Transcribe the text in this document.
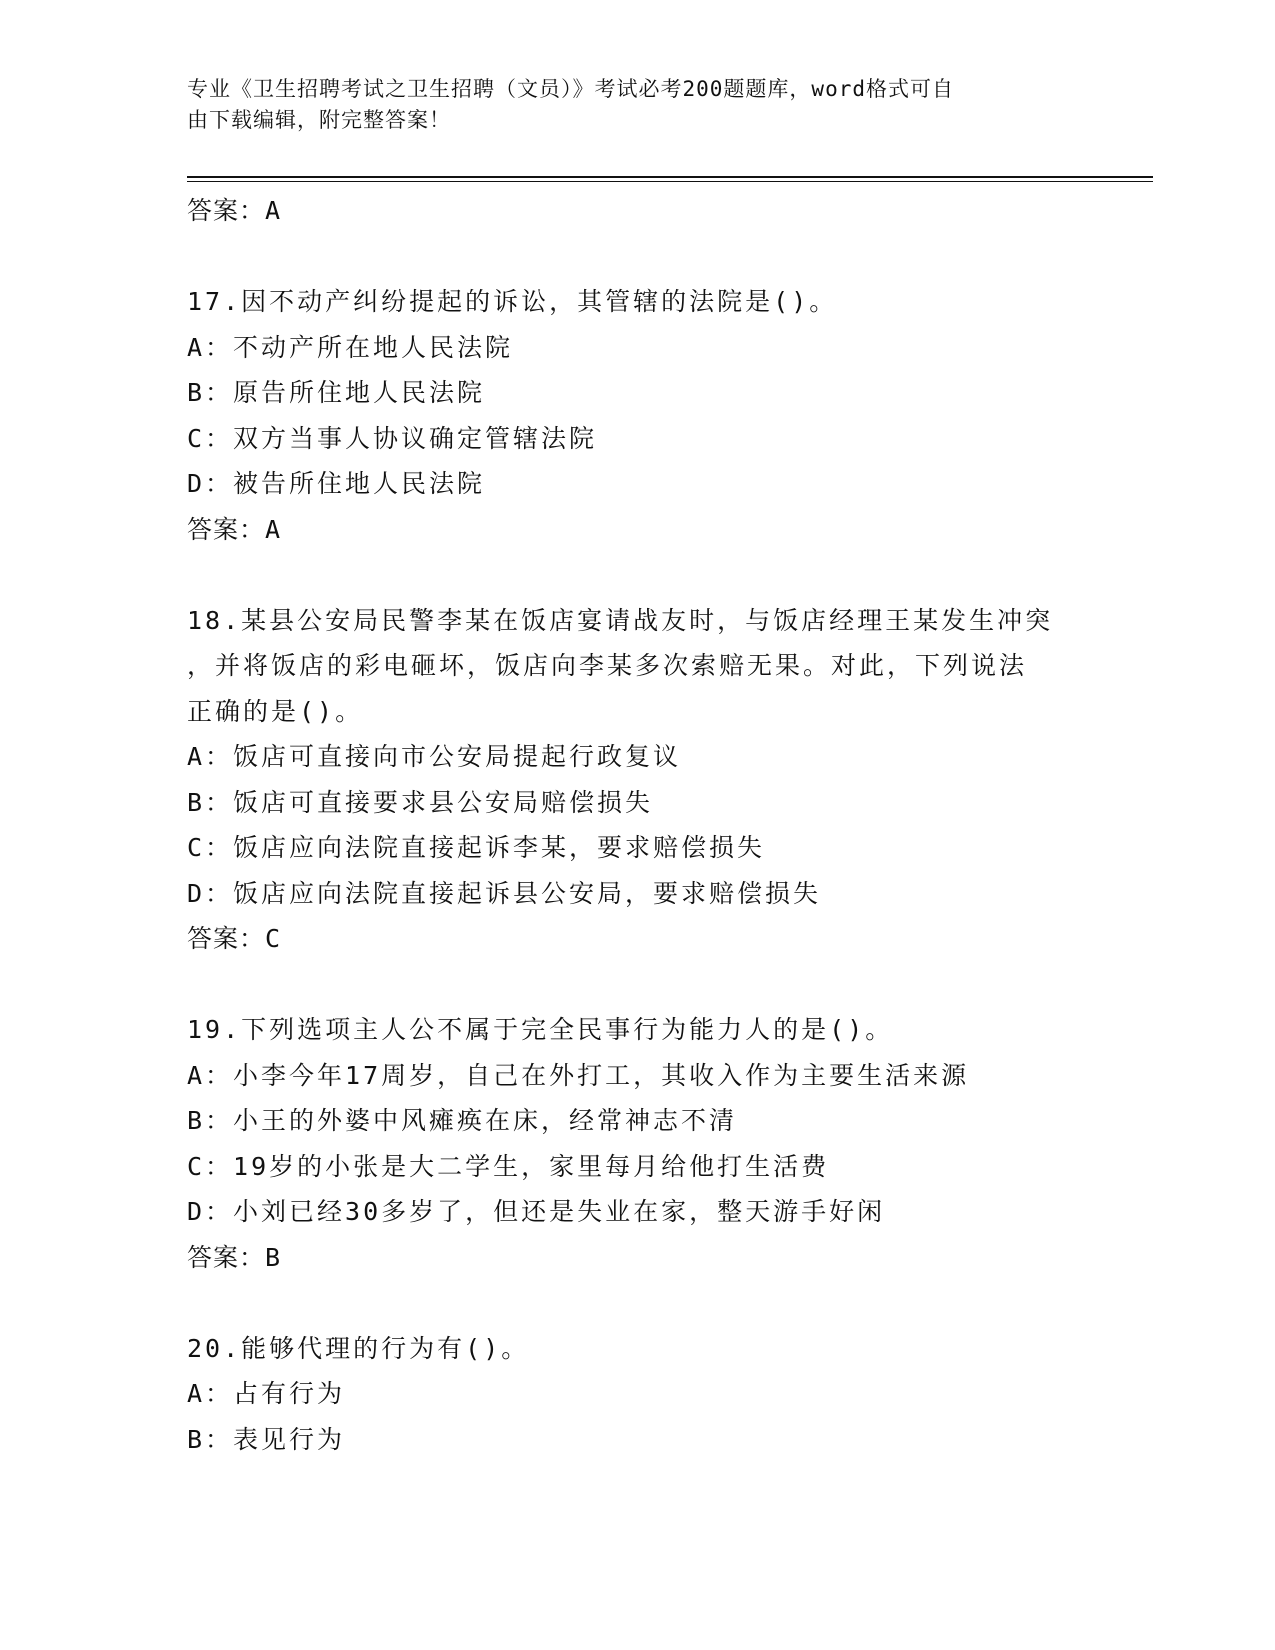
专业《卫生招聘考试之卫生招聘（文员）》考试必考200题题库，word格式可自
由下载编辑，附完整答案！
答案：A
17.因不动产纠纷提起的诉讼，其管辖的法院是()。
A：不动产所在地人民法院
B：原告所住地人民法院
C：双方当事人协议确定管辖法院
D：被告所住地人民法院
答案：A
18.某县公安局民警李某在饭店宴请战友时，与饭店经理王某发生冲突
，并将饭店的彩电砸坏，饭店向李某多次索赔无果。对此，下列说法
正确的是()。
A：饭店可直接向市公安局提起行政复议
B：饭店可直接要求县公安局赔偿损失
C：饭店应向法院直接起诉李某，要求赔偿损失
D：饭店应向法院直接起诉县公安局，要求赔偿损失
答案：C
19.下列选项主人公不属于完全民事行为能力人的是()。
A：小李今年17周岁，自己在外打工，其收入作为主要生活来源
B：小王的外婆中风瘫痪在床，经常神志不清
C：19岁的小张是大二学生，家里每月给他打生活费
D：小刘已经30多岁了，但还是失业在家，整天游手好闲
答案：B
20.能够代理的行为有()。
A：占有行为
B：表见行为
